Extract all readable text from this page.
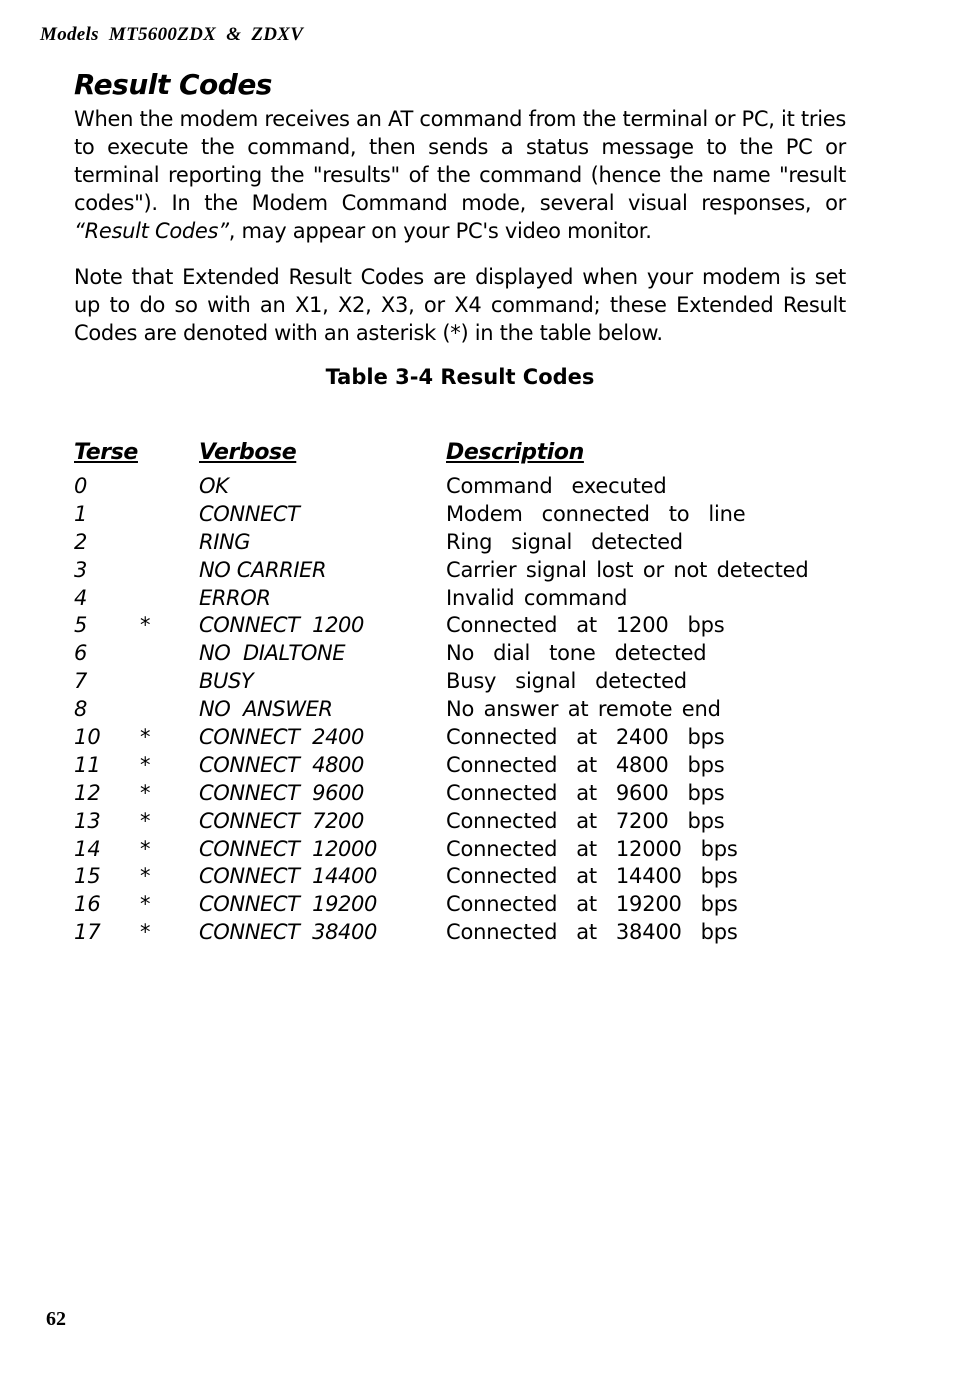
Models  MT5600ZDX  &  ZDXV
Result Codes
When the modem receives an AT command from the terminal or PC, it tries to execute the command, then sends a status message to the PC or terminal reporting the "results" of the command (hence the name "result codes"). In the Modem Command mode, several visual responses, or “Result Codes”, may appear on your PC's video monitor.
Note that Extended Result Codes are displayed when your modem is set up to do so with an X1, X2, X3, or X4 command; these Extended Result Codes are denoted with an asterisk (*) in the table below.
Table 3-4 Result Codes
Terse	Verbose	Description
0	OK	Command  executed
1	CONNECT	Modem  connected  to  line
2	RING	Ring  signal  detected
3	NO CARRIER	Carrier signal lost or not detected
4	ERROR	Invalid command
5	* CONNECT  1200	Connected  at  1200  bps
6	NO  DIALTONE	No  dial  tone  detected
7	BUSY	Busy  signal  detected
8	NO  ANSWER	No answer at remote end
10 * CONNECT  2400	Connected  at  2400  bps
11 * CONNECT  4800	Connected  at  4800  bps
12 * CONNECT  9600	Connected  at  9600  bps
13 * CONNECT  7200	Connected  at  7200  bps
14 * CONNECT  12000	Connected  at  12000  bps
15 * CONNECT  14400	Connected  at  14400  bps
16 * CONNECT  19200	Connected  at  19200  bps
17 * CONNECT  38400	Connected  at  38400  bps
62
